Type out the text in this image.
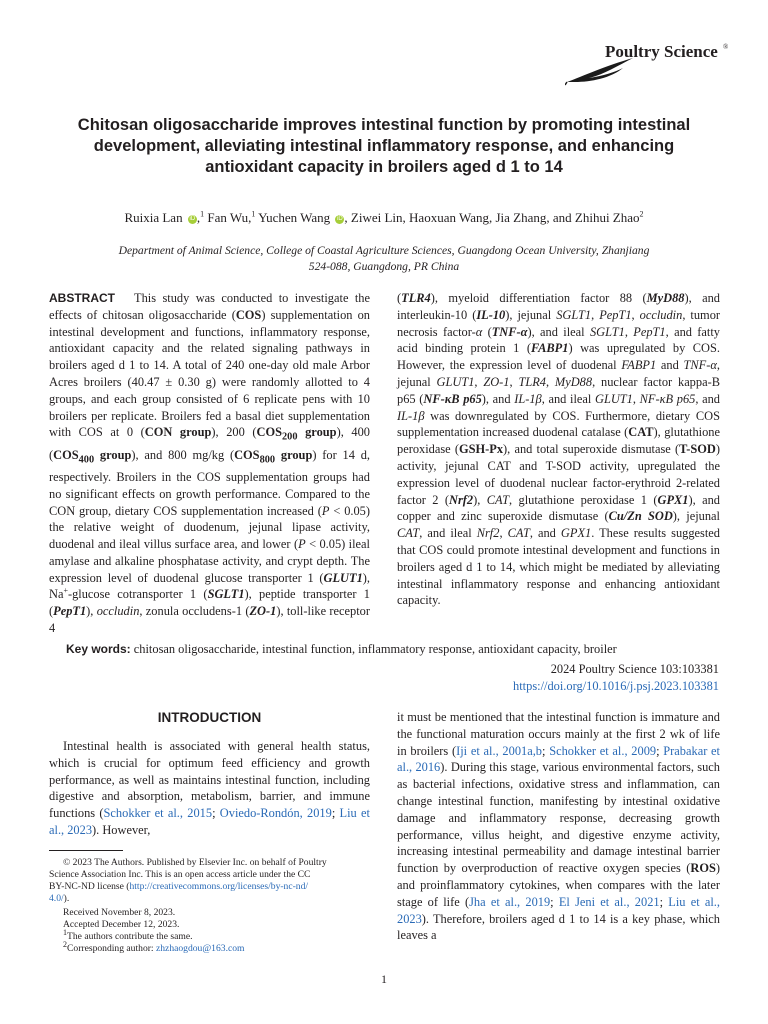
Poultry Science ®
Chitosan oligosaccharide improves intestinal function by promoting intestinal
development, alleviating intestinal inflammatory response, and enhancing
antioxidant capacity in broilers aged d 1 to 14
Ruixia Lan iD ,$^1$ Fan Wu,$^1$ Yuchen Wang iD , Ziwei Lin, Haoxuan Wang, Jia Zhang, and Zhihui Zhao$^2$
Department of Animal Science, College of Coastal Agriculture Sciences, Guangdong Ocean University, Zhanjiang
524-088, Guangdong, PR China
ABSTRACT   This study was conducted to investigate the effects of chitosan oligosaccharide (COS) supplementation on intestinal development and functions, inflammatory response, antioxidant capacity and the related signaling pathways in broilers aged d 1 to 14. A total of 240 one-day old male Arbor Acres broilers (40.47 ± 0.30 g) were randomly allotted to 4 groups, and each group consisted of 6 replicate pens with 10 broilers per replicate. Broilers fed a basal diet supplementation with COS at 0 (CON group), 200 ($COS_{200}$ group), 400 ($COS_{400}$ group), and 800 mg/kg ($COS_{800}$ group) for 14 d, respectively. Broilers in the COS supplementation groups had no significant effects on growth performance. Compared to the CON group, dietary COS supplementation increased (P < 0.05) the relative weight of duodenum, jejunal lipase activity, duodenal and ileal villus surface area, and lower (P < 0.05) ileal amylase and alkaline phosphatase activity, and crypt depth. The expression level of duodenal glucose transporter 1 (GLUT1), Na+-glucose cotransporter 1 (SGLT1), peptide transporter 1 (PepT1), occludin, zonula occludens-1 (ZO-1), toll-like receptor 4
(TLR4), myeloid differentiation factor 88 (MyD88), and interleukin-10 (IL-10), jejunal SGLT1, PepT1, occludin, tumor necrosis factor-α (TNF-α), and ileal SGLT1, PepT1, and fatty acid binding protein 1 (FABP1) was upregulated by COS. However, the expression level of duodenal FABP1 and TNF-α, jejunal GLUT1, ZO-1, TLR4, MyD88, nuclear factor kappa-B p65 (NF-κB p65), and IL-1β, and ileal GLUT1, NF-κB p65, and IL-1β was downregulated by COS. Furthermore, dietary COS supplementation increased duodenal catalase (CAT), glutathione peroxidase (GSH-Px), and total superoxide dismutase (T-SOD) activity, jejunal CAT and T-SOD activity, upregulated the expression level of duodenal nuclear factor-erythroid 2-related factor 2 (Nrf2), CAT, glutathione peroxidase 1 (GPX1), and copper and zinc superoxide dismutase (Cu/Zn SOD), jejunal CAT, and ileal Nrf2, CAT, and GPX1. These results suggested that COS could promote intestinal development and functions in broilers aged d 1 to 14, which might be mediated by alleviating intestinal inflammatory response and enhancing antioxidant capacity.
Key words: chitosan oligosaccharide, intestinal function, inflammatory response, antioxidant capacity, broiler
2024 Poultry Science 103:103381
https://doi.org/10.1016/j.psj.2023.103381
INTRODUCTION
Intestinal health is associated with general health status, which is crucial for optimum feed efficiency and growth performance, as well as maintains intestinal function, including digestive and absorption, metabolism, barrier, and immune functions (Schokker et al., 2015; Oviedo-Rondón, 2019; Liu et al., 2023). However,
© 2023 The Authors. Published by Elsevier Inc. on behalf of Poultry
Science Association Inc. This is an open access article under the CC
BY-NC-ND license (http://creativecommons.org/licenses/by-nc-nd/
4.0/).
Received November 8, 2023.
Accepted December 12, 2023.
$^1$The authors contribute the same.
$^2$Corresponding author: zhzhaogdou@163.com
it must be mentioned that the intestinal function is immature and the functional maturation occurs mainly at the first 2 wk of life in broilers (Iji et al., 2001a,b; Schokker et al., 2009; Prabakar et al., 2016). During this stage, various environmental factors, such as bacterial infections, oxidative stress and inflammation, can change intestinal function, manifesting by intestinal oxidative damage and inflammatory response, decreasing growth performance, villus height, and digestive enzyme activity, increasing intestinal permeability and damage intestinal barrier function by overproduction of reactive oxygen species (ROS) and proinflammatory cytokines, when compares with the later stage of life (Jha et al., 2019; El Jeni et al., 2021; Liu et al., 2023). Therefore, broilers aged d 1 to 14 is a key phase, which leaves a
1
